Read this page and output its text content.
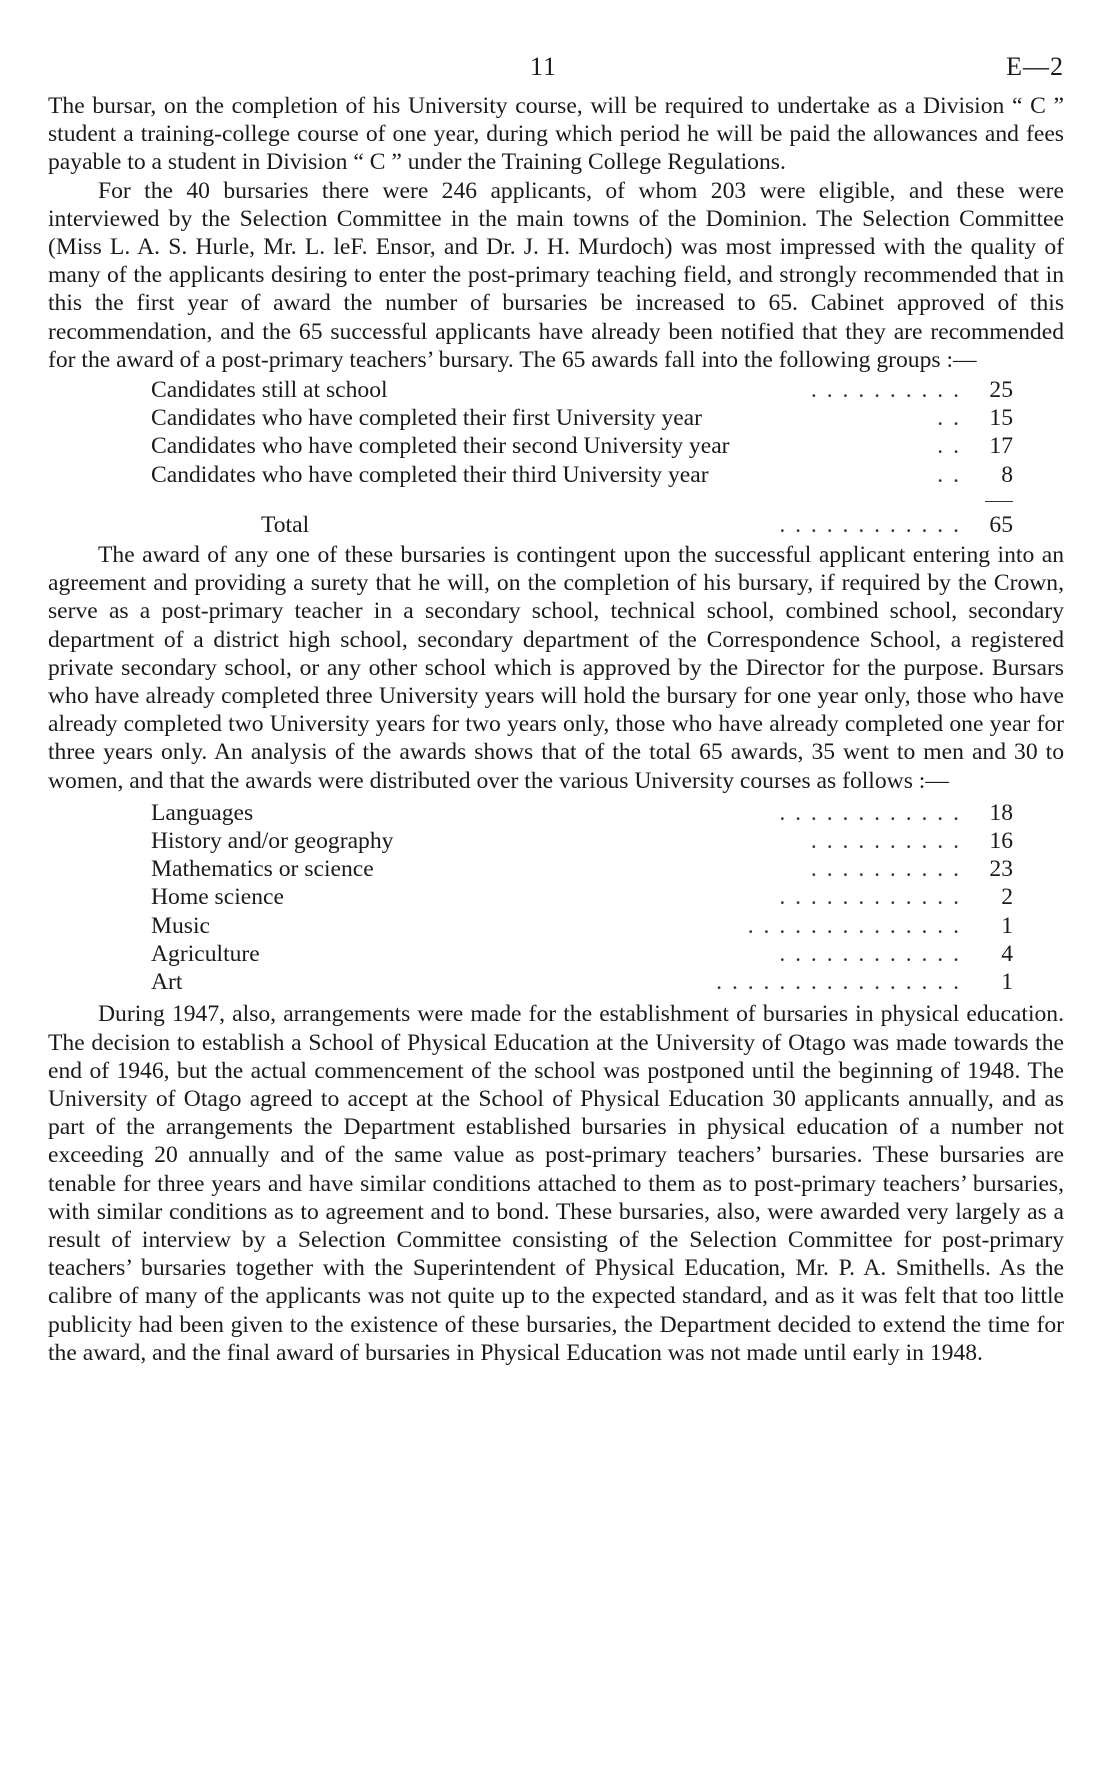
11	E—2

The bursar, on the completion of his University course, will be required to undertake as a Division “ C ” student a training-college course of one year, during which period he will be paid the allowances and fees payable to a student in Division “ C ” under the Training College Regulations.

For the 40 bursaries there were 246 applicants, of whom 203 were eligible, and these were interviewed by the Selection Committee in the main towns of the Dominion. The Selection Committee (Miss L. A. S. Hurle, Mr. L. leF. Ensor, and Dr. J. H. Murdoch) was most impressed with the quality of many of the applicants desiring to enter the post-primary teaching field, and strongly recommended that in this the first year of award the number of bursaries be increased to 65. Cabinet approved of this recommendation, and the 65 successful applicants have already been notified that they are recommended for the award of a post-primary teachers’ bursary. The 65 awards fall into the following groups :—

Candidates still at school	. . . . . . . . . .	25
Candidates who have completed their first University year	. .	15
Candidates who have completed their second University year	. .	17
Candidates who have completed their third University year	. .	8
Total	. . . . . . . . . . . .	65

The award of any one of these bursaries is contingent upon the successful applicant entering into an agreement and providing a surety that he will, on the completion of his bursary, if required by the Crown, serve as a post-primary teacher in a secondary school, technical school, combined school, secondary department of a district high school, secondary department of the Correspondence School, a registered private secondary school, or any other school which is approved by the Director for the purpose. Bursars who have already completed three University years will hold the bursary for one year only, those who have already completed two University years for two years only, those who have already completed one year for three years only. An analysis of the awards shows that of the total 65 awards, 35 went to men and 30 to women, and that the awards were distributed over the various University courses as follows :—

Languages	. . . . . . . . . . . .	18
History and/or geography	. . . . . . . . . .	16
Mathematics or science	. . . . . . . . . .	23
Home science	. . . . . . . . . . . .	2
Music	. . . . . . . . . . . . . .	1
Agriculture	. . . . . . . . . . . .	4
Art	. . . . . . . . . . . . . . . .	1

During 1947, also, arrangements were made for the establishment of bursaries in physical education. The decision to establish a School of Physical Education at the University of Otago was made towards the end of 1946, but the actual commencement of the school was postponed until the beginning of 1948. The University of Otago agreed to accept at the School of Physical Education 30 applicants annually, and as part of the arrangements the Department established bursaries in physical education of a number not exceeding 20 annually and of the same value as post-primary teachers’ bursaries. These bursaries are tenable for three years and have similar conditions attached to them as to post-primary teachers’ bursaries, with similar conditions as to agreement and to bond. These bursaries, also, were awarded very largely as a result of interview by a Selection Committee consisting of the Selection Committee for post-primary teachers’ bursaries together with the Superintendent of Physical Education, Mr. P. A. Smithells. As the calibre of many of the applicants was not quite up to the expected standard, and as it was felt that too little publicity had been given to the existence of these bursaries, the Department decided to extend the time for the award, and the final award of bursaries in Physical Education was not made until early in 1948.
